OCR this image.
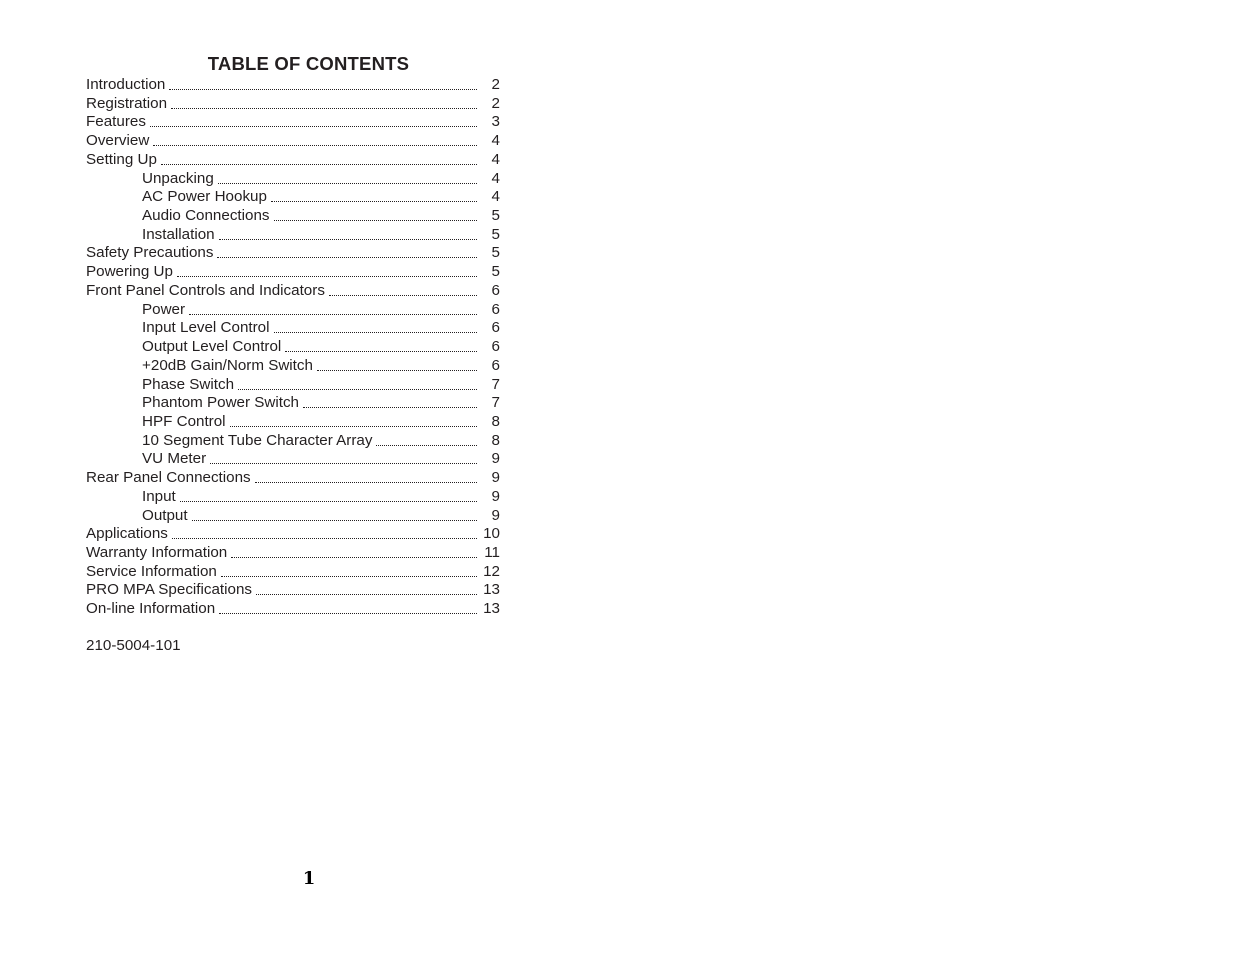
TABLE OF CONTENTS
Introduction	2
Registration	2
Features	3
Overview	4
Setting Up	4
Unpacking	4
AC Power Hookup	4
Audio Connections	5
Installation	5
Safety Precautions	5
Powering Up	5
Front Panel Controls and Indicators	6
Power	6
Input Level Control	6
Output Level Control	6
+20dB Gain/Norm Switch	6
Phase Switch	7
Phantom Power Switch	7
HPF Control	8
10 Segment Tube Character Array	8
VU Meter	9
Rear Panel Connections	9
Input	9
Output	9
Applications	10
Warranty Information	11
Service Information	12
PRO MPA Specifications	13
On-line Information	13
210-5004-101
1
